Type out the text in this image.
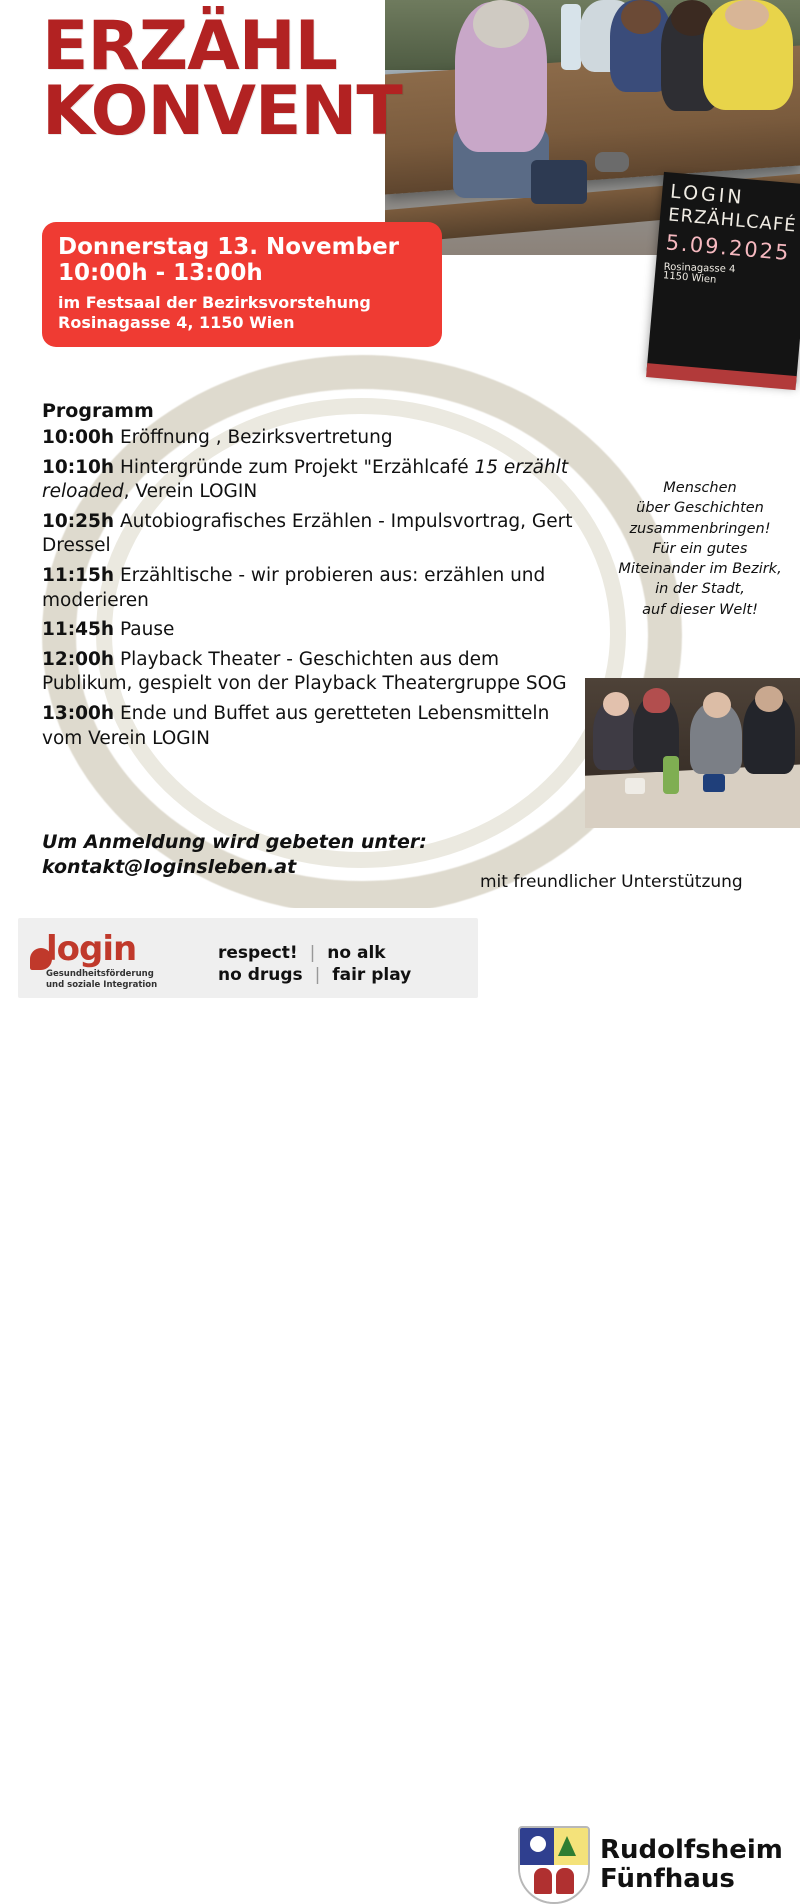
LOGIN
ERZÄHLCAFÉ
5.09.2025
Rosinagasse 4
1150 Wien
ERZÄHL
KONVENT
Donnerstag 13. November
10:00h - 13:00h
im Festsaal der Bezirksvorstehung
Rosinagasse 4, 1150 Wien
Programm
10:00h Eröffnung , Bezirksvertretung
10:10h Hintergründe zum Projekt "Erzählcafé 15 erzählt reloaded, Verein LOGIN
10:25h Autobiografisches Erzählen - Impulsvortrag, Gert Dressel
11:15h Erzähltische - wir probieren aus: erzählen und moderieren
11:45h Pause
12:00h Playback Theater - Geschichten aus dem Publikum, gespielt von der Playback Theatergruppe SOG
13:00h Ende und Buffet aus geretteten Lebensmitteln vom Verein LOGIN
Um Anmeldung wird gebeten unter:
kontakt@loginsleben.at
Menschen
über Geschichten
zusammenbringen!
Für ein gutes
Miteinander im Bezirk,
in der Stadt,
auf dieser Welt!
mit freundlicher Unterstützung
login
Gesundheitsförderung
und soziale Integration
respect! | no alk
no drugs | fair play
Rudolfsheim
Fünfhaus
